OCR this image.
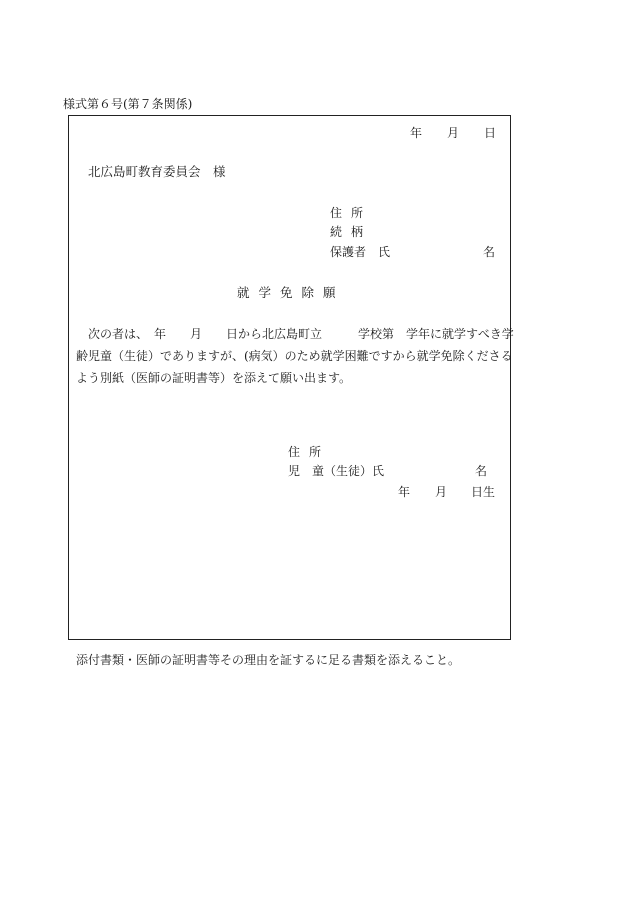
様式第６号(第７条関係)
年 月 日
北広島町教育委員会　様
住所
続柄
保護者　氏	名
就学免除願
　次の者は、　年　　月　　日から北広島町立　　　学校第　学年に就学すべき学
齢児童（生徒）でありますが、(病気）のため就学困難ですから就学免除くださる
よう別紙（医師の証明書等）を添えて願い出ます。
住所
児　童（生徒）氏	名
年 月 日生
添付書類・医師の証明書等その理由を証するに足る書類を添えること。
